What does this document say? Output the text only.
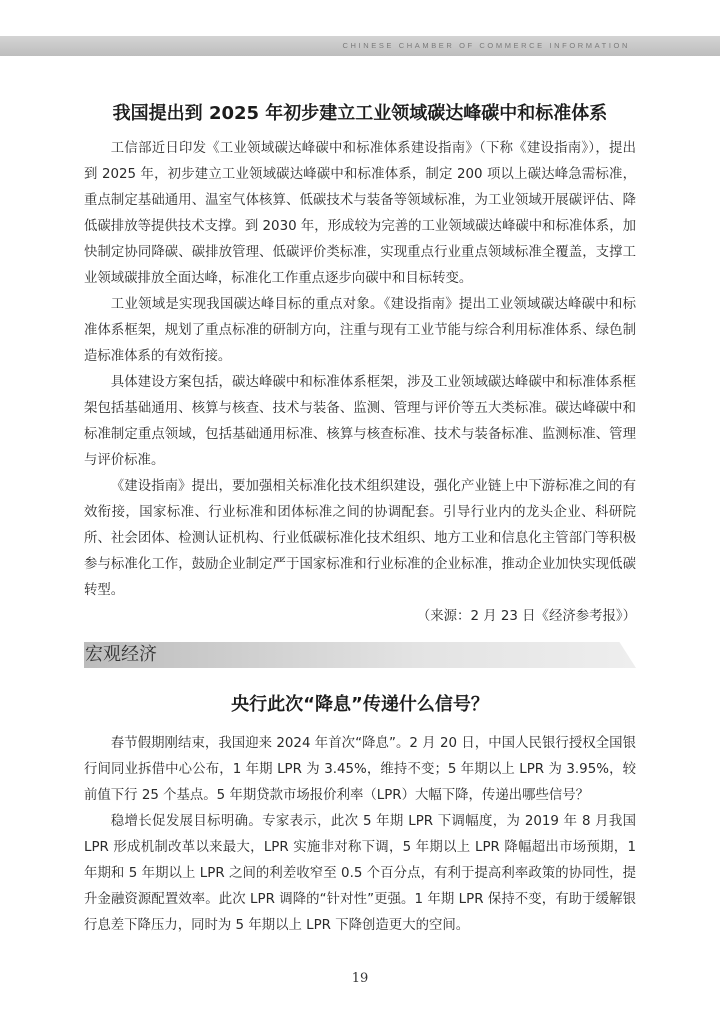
CHINESE CHAMBER OF COMMERCE INFORMATION
我国提出到 2025 年初步建立工业领域碳达峰碳中和标准体系

工信部近日印发《工业领域碳达峰碳中和标准体系建设指南》（下称《建设指南》），提出到 2025 年，初步建立工业领域碳达峰碳中和标准体系，制定 200 项以上碳达峰急需标准，重点制定基础通用、温室气体核算、低碳技术与装备等领域标准，为工业领域开展碳评估、降低碳排放等提供技术支撑。到 2030 年，形成较为完善的工业领域碳达峰碳中和标准体系，加快制定协同降碳、碳排放管理、低碳评价类标准，实现重点行业重点领域标准全覆盖，支撑工业领域碳排放全面达峰，标准化工作重点逐步向碳中和目标转变。

工业领域是实现我国碳达峰目标的重点对象。《建设指南》提出工业领域碳达峰碳中和标准体系框架，规划了重点标准的研制方向，注重与现有工业节能与综合利用标准体系、绿色制造标准体系的有效衔接。

具体建设方案包括，碳达峰碳中和标准体系框架，涉及工业领域碳达峰碳中和标准体系框架包括基础通用、核算与核查、技术与装备、监测、管理与评价等五大类标准。碳达峰碳中和标准制定重点领域，包括基础通用标准、核算与核查标准、技术与装备标准、监测标准、管理与评价标准。

《建设指南》提出，要加强相关标准化技术组织建设，强化产业链上中下游标准之间的有效衔接，国家标准、行业标准和团体标准之间的协调配套。引导行业内的龙头企业、科研院所、社会团体、检测认证机构、行业低碳标准化技术组织、地方工业和信息化主管部门等积极参与标准化工作，鼓励企业制定严于国家标准和行业标准的企业标准，推动企业加快实现低碳转型。
（来源：2 月 23 日《经济参考报》）

宏观经济
央行此次“降息”传递什么信号？

春节假期刚结束，我国迎来 2024 年首次“降息”。2 月 20 日，中国人民银行授权全国银行间同业拆借中心公布，1 年期 LPR 为 3.45%，维持不变；5 年期以上 LPR 为 3.95%，较前值下行 25 个基点。5 年期贷款市场报价利率（LPR）大幅下降，传递出哪些信号？

稳增长促发展目标明确。专家表示，此次 5 年期 LPR 下调幅度，为 2019 年 8 月我国 LPR 形成机制改革以来最大，LPR 实施非对称下调，5 年期以上 LPR 降幅超出市场预期，1 年期和 5 年期以上 LPR 之间的利差收窄至 0.5 个百分点，有利于提高利率政策的协同性，提升金融资源配置效率。此次 LPR 调降的“针对性”更强。1 年期 LPR 保持不变，有助于缓解银行息差下降压力，同时为 5 年期以上 LPR 下降创造更大的空间。

19
